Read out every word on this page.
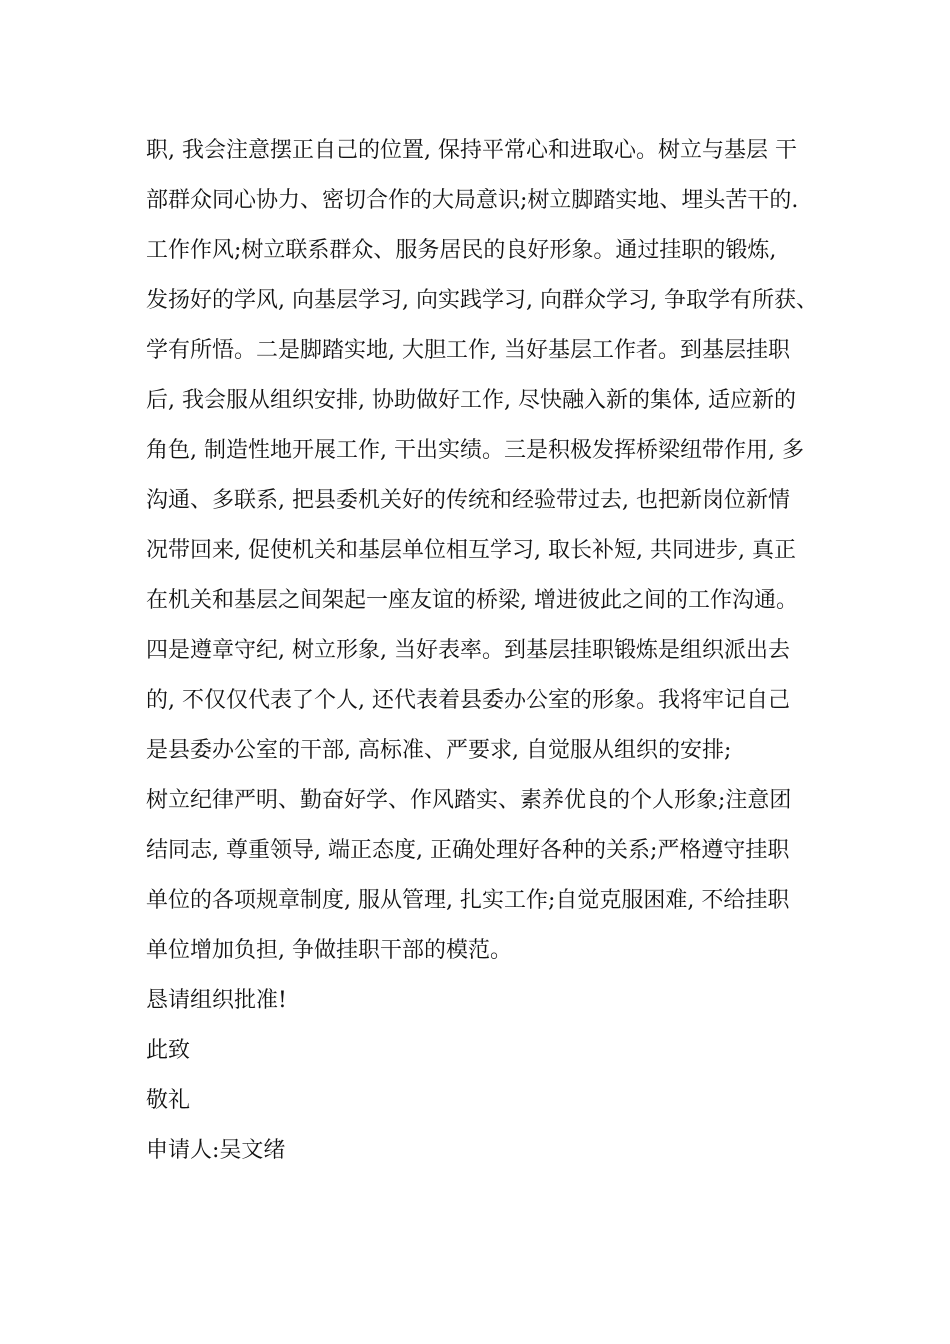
职, 我会注意摆正自己的位置, 保持平常心和进取心。树立与基层 干
部群众同心协力、密切合作的大局意识;树立脚踏实地、埋头苦干的.
工作作风;树立联系群众、服务居民的良好形象。通过挂职的锻炼,
发扬好的学风, 向基层学习, 向实践学习, 向群众学习, 争取学有所获、
学有所悟。二是脚踏实地, 大胆工作, 当好基层工作者。到基层挂职
后, 我会服从组织安排, 协助做好工作, 尽快融入新的集体, 适应新的
角色, 制造性地开展工作, 干出实绩。三是积极发挥桥梁纽带作用, 多
沟通、多联系, 把县委机关好的传统和经验带过去, 也把新岗位新情
况带回来, 促使机关和基层单位相互学习, 取长补短, 共同进步, 真正
在机关和基层之间架起一座友谊的桥梁, 增进彼此之间的工作沟通。
四是遵章守纪, 树立形象, 当好表率。到基层挂职锻炼是组织派出去
的, 不仅仅代表了个人, 还代表着县委办公室的形象。我将牢记自己
是县委办公室的干部, 高标准、严要求, 自觉服从组织的安排;
树立纪律严明、勤奋好学、作风踏实、素养优良的个人形象;注意团
结同志, 尊重领导, 端正态度, 正确处理好各种的关系;严格遵守挂职
单位的各项规章制度, 服从管理, 扎实工作;自觉克服困难, 不给挂职
单位增加负担, 争做挂职干部的模范。
恳请组织批准!
此致
敬礼
申请人:吴文绪
